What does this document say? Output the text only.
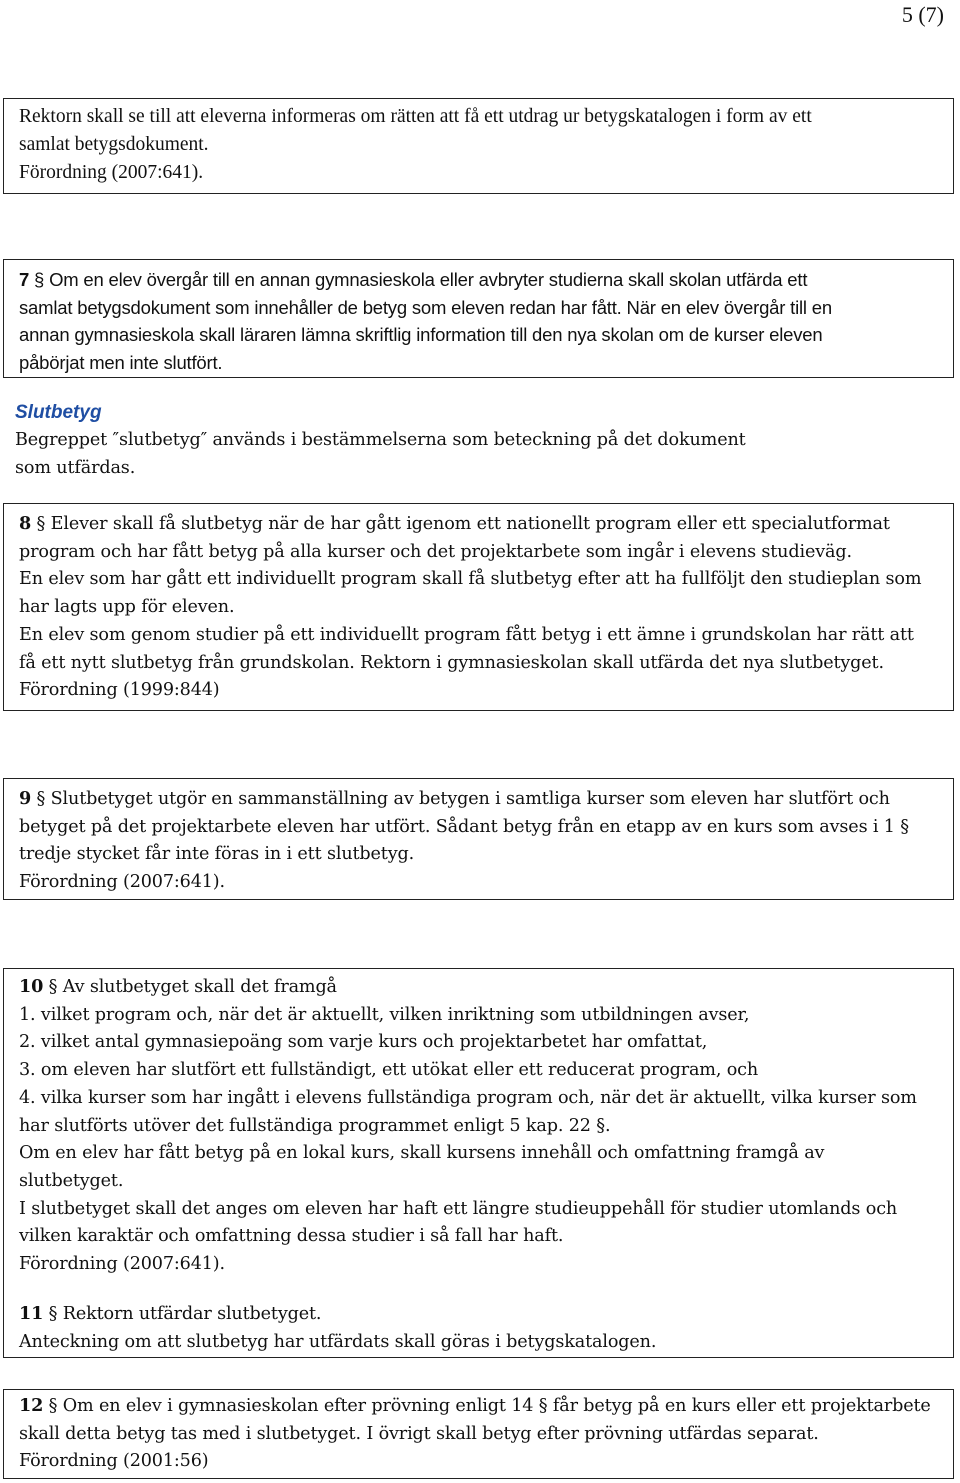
5 (7)

Rektorn skall se till att eleverna informeras om rätten att få ett utdrag ur betygskatalogen i form av ett
samlat betygsdokument.
Förordning (2007:641).

7 § Om en elev övergår till en annan gymnasieskola eller avbryter studierna skall skolan utfärda ett
samlat betygsdokument som innehåller de betyg som eleven redan har fått. När en elev övergår till en
annan gymnasieskola skall läraren lämna skriftlig information till den nya skolan om de kurser eleven
påbörjat men inte slutfört.

Slutbetyg

Begreppet ″slutbetyg″ används i bestämmelserna som beteckning på det dokument
som utfärdas.

8 § Elever skall få slutbetyg när de har gått igenom ett nationellt program eller ett specialutformat
program och har fått betyg på alla kurser och det projektarbete som ingår i elevens studieväg.
En elev som har gått ett individuellt program skall få slutbetyg efter att ha fullföljt den studieplan som
har lagts upp för eleven.
En elev som genom studier på ett individuellt program fått betyg i ett ämne i grundskolan har rätt att
få ett nytt slutbetyg från grundskolan. Rektorn i gymnasieskolan skall utfärda det nya slutbetyget.
Förordning (1999:844)

9 § Slutbetyget utgör en sammanställning av betygen i samtliga kurser som eleven har slutfört och
betyget på det projektarbete eleven har utfört. Sådant betyg från en etapp av en kurs som avses i 1 §
tredje stycket får inte föras in i ett slutbetyg.
Förordning (2007:641).

10 § Av slutbetyget skall det framgå
1. vilket program och, när det är aktuellt, vilken inriktning som utbildningen avser,
2. vilket antal gymnasiepoäng som varje kurs och projektarbetet har omfattat,
3. om eleven har slutfört ett fullständigt, ett utökat eller ett reducerat program, och
4. vilka kurser som har ingått i elevens fullständiga program och, när det är aktuellt, vilka kurser som
har slutförts utöver det fullständiga programmet enligt 5 kap. 22 §.
Om en elev har fått betyg på en lokal kurs, skall kursens innehåll och omfattning framgå av
slutbetyget.
I slutbetyget skall det anges om eleven har haft ett längre studieuppehåll för studier utomlands och
vilken karaktär och omfattning dessa studier i så fall har haft.
Förordning (2007:641).

11 § Rektorn utfärdar slutbetyget.
Anteckning om att slutbetyg har utfärdats skall göras i betygskatalogen.

12 § Om en elev i gymnasieskolan efter prövning enligt 14 § får betyg på en kurs eller ett projektarbete
skall detta betyg tas med i slutbetyget. I övrigt skall betyg efter prövning utfärdas separat.
Förordning (2001:56)
